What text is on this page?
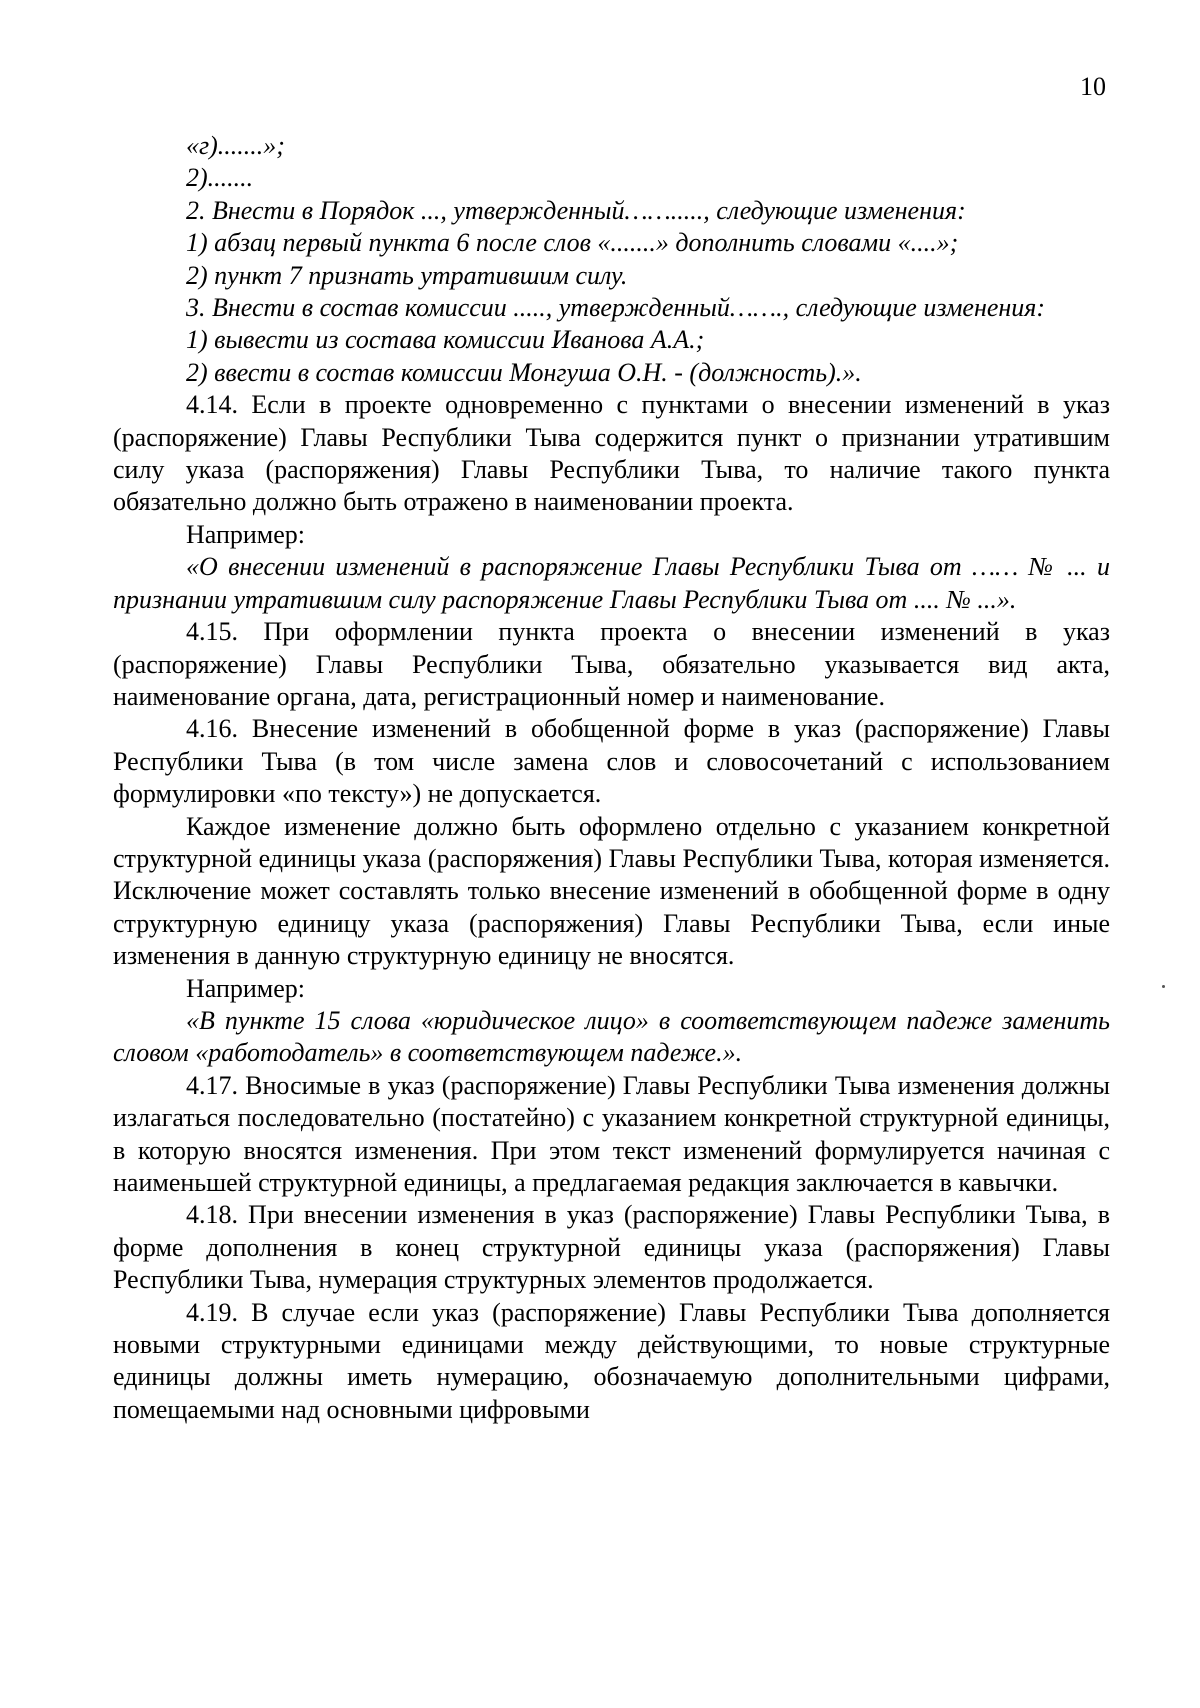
10

«г).......»;

2).......

2. Внести в Порядок ..., утвержденный……....., следующие изменения:

1) абзац первый пункта 6 после слов «.......» дополнить словами «....»;

2) пункт 7 признать утратившим силу.

3. Внести в состав комиссии ....., утвержденный……., следующие изменения:

1) вывести из состава комиссии Иванова А.А.;

2) ввести в состав комиссии Монгуша О.Н. - (должность).».

4.14. Если в проекте одновременно с пунктами о внесении изменений в указ (распоряжение) Главы Республики Тыва содержится пункт о признании утратившим силу указа (распоряжения) Главы Республики Тыва, то наличие такого пункта обязательно должно быть отражено в наименовании проекта.

Например:

«О внесении изменений в распоряжение Главы Республики Тыва от …… № ... и признании утратившим силу распоряжение Главы Республики Тыва от .... № ...».

4.15. При оформлении пункта проекта о внесении изменений в указ (распоряжение) Главы Республики Тыва, обязательно указывается вид акта, наименование органа, дата, регистрационный номер и наименование.

4.16. Внесение изменений в обобщенной форме в указ (распоряжение) Главы Республики Тыва (в том числе замена слов и словосочетаний с использованием формулировки «по тексту») не допускается.

Каждое изменение должно быть оформлено отдельно с указанием конкретной структурной единицы указа (распоряжения) Главы Республики Тыва, которая изменяется. Исключение может составлять только внесение изменений в обобщенной форме в одну структурную единицу указа (распоряжения) Главы Республики Тыва, если иные изменения в данную структурную единицу не вносятся.

Например:

«В пункте 15 слова «юридическое лицо» в соответствующем падеже заменить словом «работодатель» в соответствующем падеже.».

4.17. Вносимые в указ (распоряжение) Главы Республики Тыва изменения должны излагаться последовательно (постатейно) с указанием конкретной структурной единицы, в которую вносятся изменения. При этом текст изменений формулируется начиная с наименьшей структурной единицы, а предлагаемая редакция заключается в кавычки.

4.18. При внесении изменения в указ (распоряжение) Главы Республики Тыва, в форме дополнения в конец структурной единицы указа (распоряжения) Главы Республики Тыва, нумерация структурных элементов продолжается.

4.19. В случае если указ (распоряжение) Главы Республики Тыва дополняется новыми структурными единицами между действующими, то новые структурные единицы должны иметь нумерацию, обозначаемую дополнительными цифрами, помещаемыми над основными цифровыми
